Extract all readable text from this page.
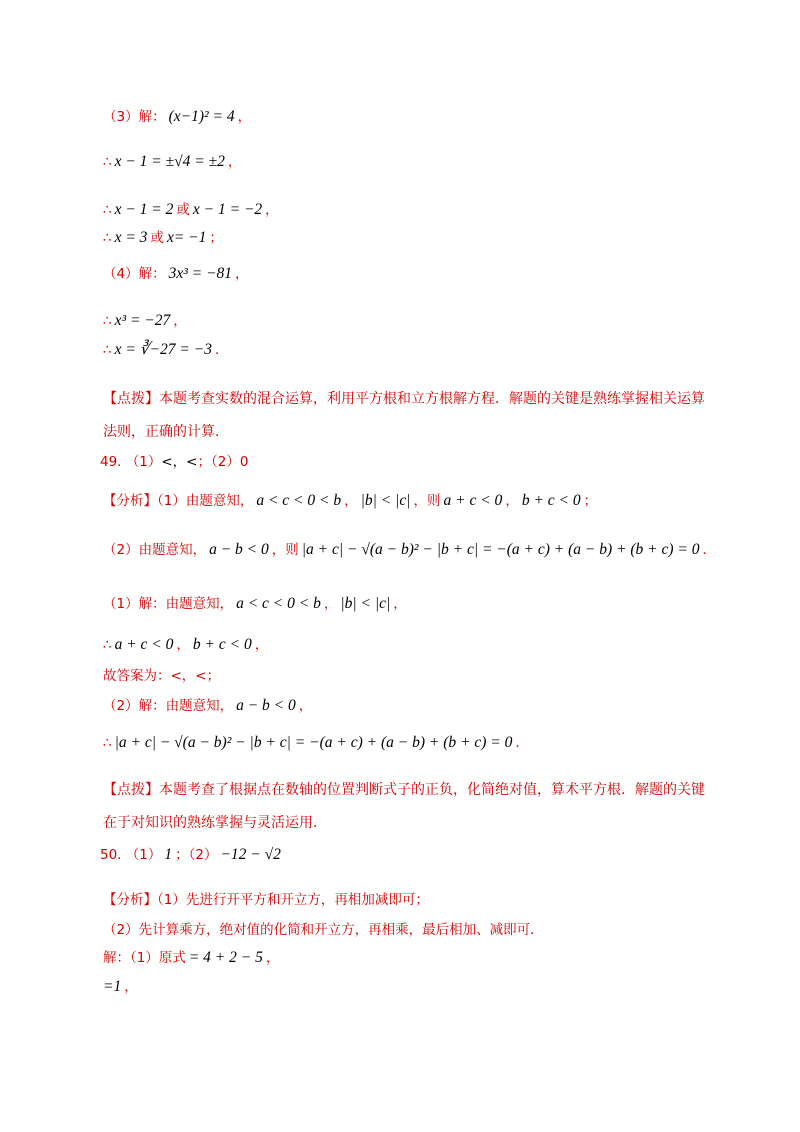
（3）解： (x−1)² = 4 ，
∴ x − 1 = ±√4 = ±2 ，
∴ x − 1 = 2 或 x − 1 = −2 ，
∴ x = 3 或 x= −1 ；
（4）解： 3x³ = −81 ，
∴ x³ = −27 ，
∴ x = ∛−27 = −3 ．
【点拨】本题考查实数的混合运算，利用平方根和立方根解方程．解题的关键是熟练掌握相关运算法则，正确的计算．
49. （1）<，<；（2）0
【分析】（1）由题意知， a < c < 0 < b ， |b| < |c| ，则 a + c < 0 ， b + c < 0 ；
（2）由题意知， a − b < 0 ，则 |a + c| − √(a − b)² − |b + c| = −(a + c) + (a − b) + (b + c) = 0 ．
（1）解：由题意知， a < c < 0 < b ， |b| < |c| ，
∴ a + c < 0 ， b + c < 0 ，
故答案为：<，<；
（2）解：由题意知， a − b < 0 ，
∴ |a + c| − √(a − b)² − |b + c| = −(a + c) + (a − b) + (b + c) = 0 ．
【点拨】本题考查了根据点在数轴的位置判断式子的正负，化简绝对值，算术平方根．解题的关键在于对知识的熟练掌握与灵活运用．
50. （1） 1 ；（2） −12 − √2
【分析】（1）先进行开平方和开立方，再相加减即可；
（2）先计算乘方，绝对值的化简和开立方，再相乘，最后相加、减即可．
解：（1）原式 = 4 + 2 − 5 ，
=1 ，
